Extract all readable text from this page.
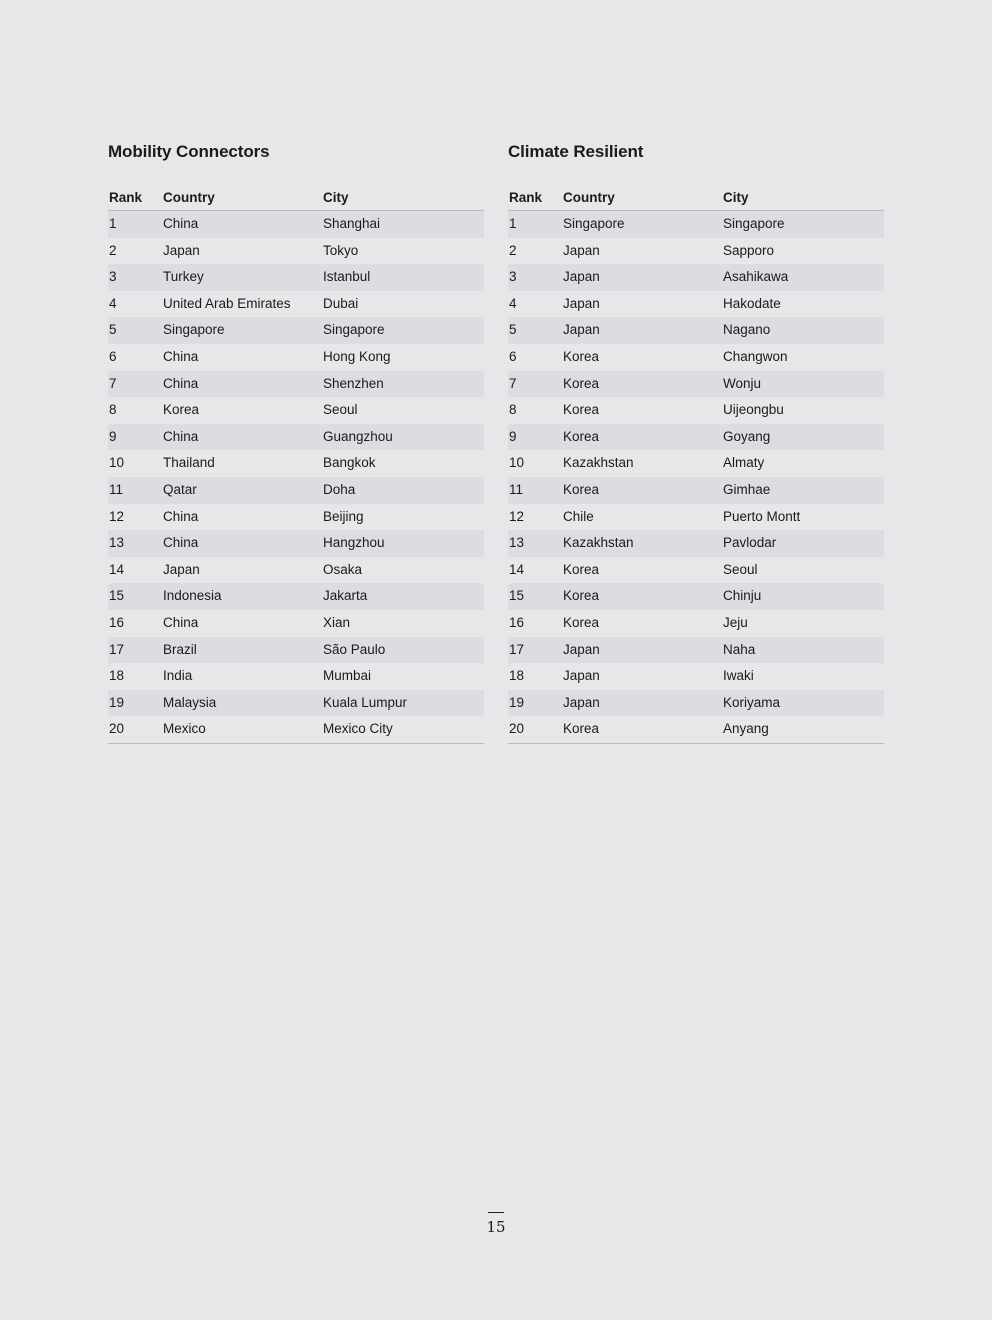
Mobility Connectors
Rank	Country	City
1	China	Shanghai
2	Japan	Tokyo
3	Turkey	Istanbul
4	United Arab Emirates	Dubai
5	Singapore	Singapore
6	China	Hong Kong
7	China	Shenzhen
8	Korea	Seoul
9	China	Guangzhou
10	Thailand	Bangkok
11	Qatar	Doha
12	China	Beijing
13	China	Hangzhou
14	Japan	Osaka
15	Indonesia	Jakarta
16	China	Xian
17	Brazil	São Paulo
18	India	Mumbai
19	Malaysia	Kuala Lumpur
20	Mexico	Mexico City
Climate Resilient
Rank	Country	City
1	Singapore	Singapore
2	Japan	Sapporo
3	Japan	Asahikawa
4	Japan	Hakodate
5	Japan	Nagano
6	Korea	Changwon
7	Korea	Wonju
8	Korea	Uijeongbu
9	Korea	Goyang
10	Kazakhstan	Almaty
11	Korea	Gimhae
12	Chile	Puerto Montt
13	Kazakhstan	Pavlodar
14	Korea	Seoul
15	Korea	Chinju
16	Korea	Jeju
17	Japan	Naha
18	Japan	Iwaki
19	Japan	Koriyama
20	Korea	Anyang
15
